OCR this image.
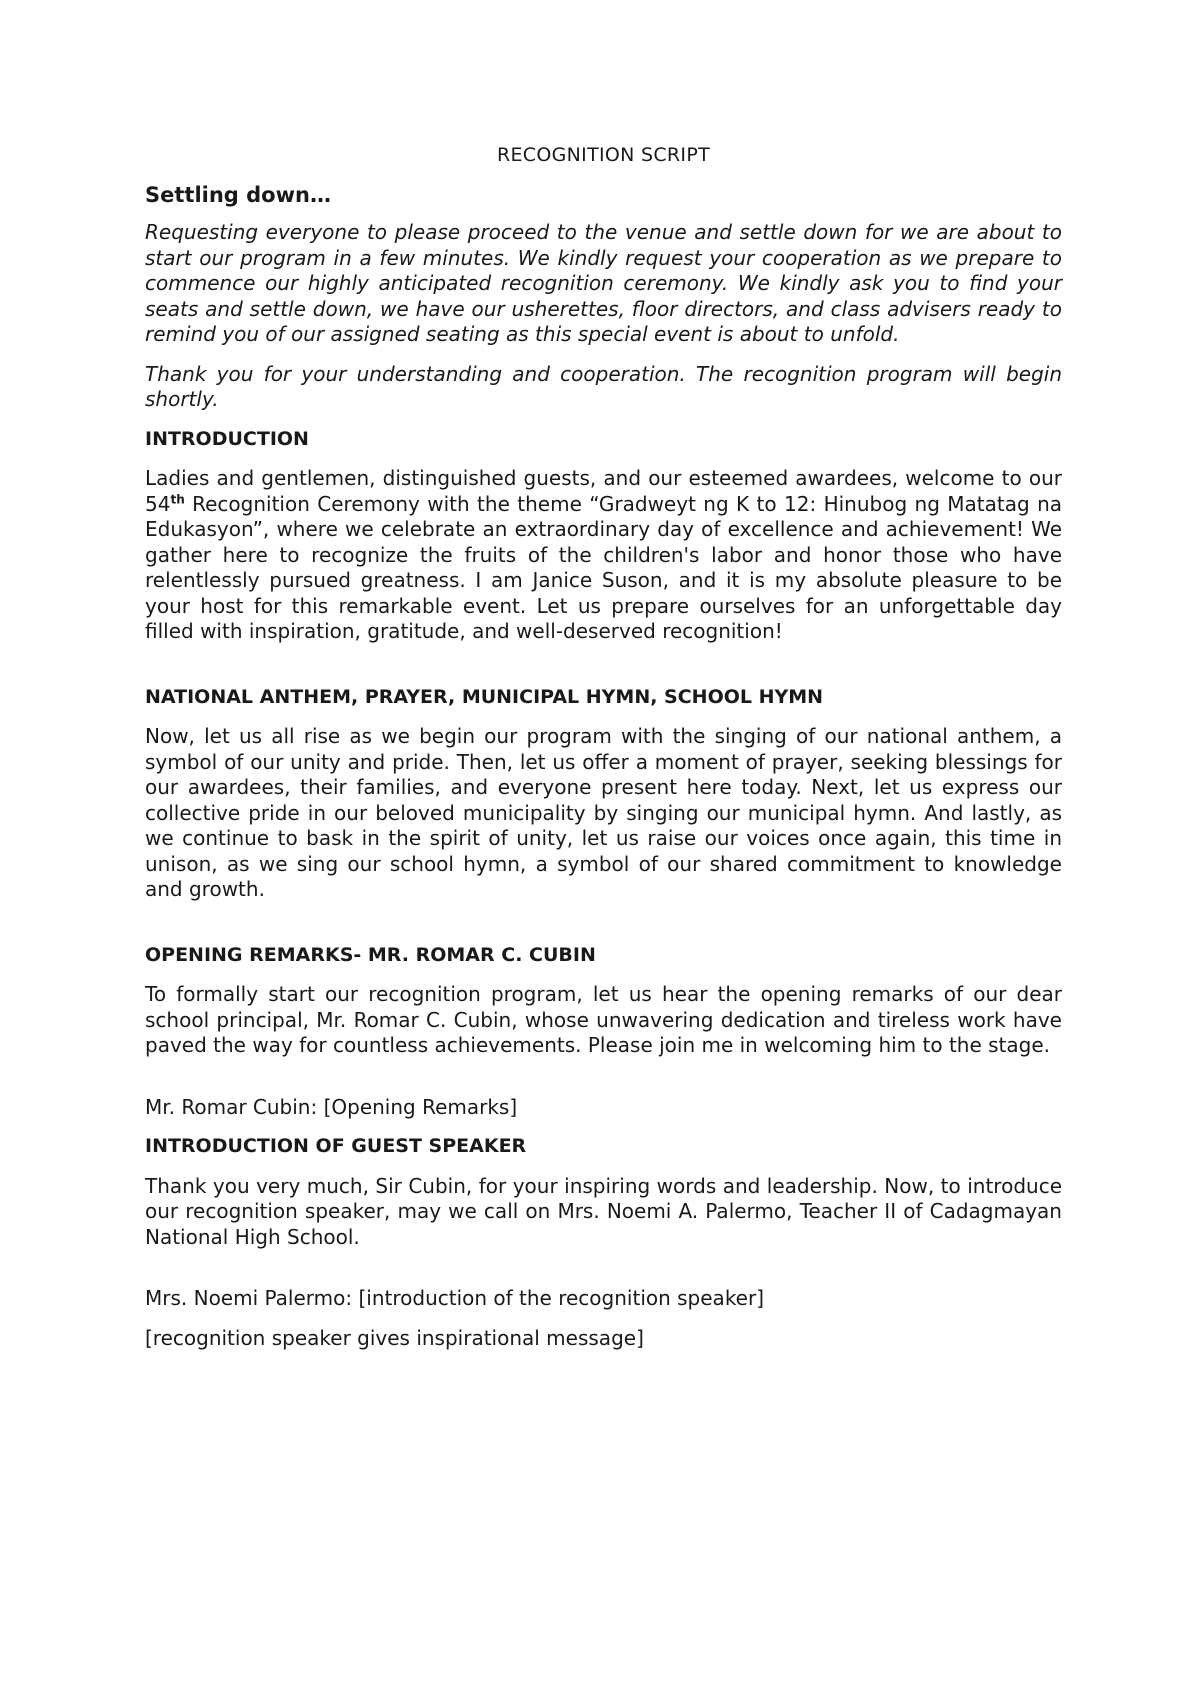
RECOGNITION SCRIPT
Settling down…

Requesting everyone to please proceed to the venue and settle down for we are about to start our program in a few minutes. We kindly request your cooperation as we prepare to commence our highly anticipated recognition ceremony. We kindly ask you to find your seats and settle down, we have our usherettes, floor directors, and class advisers ready to remind you of our assigned seating as this special event is about to unfold.

Thank you for your understanding and cooperation. The recognition program will begin shortly.

INTRODUCTION

Ladies and gentlemen, distinguished guests, and our esteemed awardees, welcome to our 54th Recognition Ceremony with the theme “Gradweyt ng K to 12: Hinubog ng Matatag na Edukasyon”, where we celebrate an extraordinary day of excellence and achievement! We gather here to recognize the fruits of the children's labor and honor those who have relentlessly pursued greatness. I am Janice Suson, and it is my absolute pleasure to be your host for this remarkable event. Let us prepare ourselves for an unforgettable day filled with inspiration, gratitude, and well-deserved recognition!

NATIONAL ANTHEM, PRAYER, MUNICIPAL HYMN, SCHOOL HYMN

Now, let us all rise as we begin our program with the singing of our national anthem, a symbol of our unity and pride. Then, let us offer a moment of prayer, seeking blessings for our awardees, their families, and everyone present here today. Next, let us express our collective pride in our beloved municipality by singing our municipal hymn. And lastly, as we continue to bask in the spirit of unity, let us raise our voices once again, this time in unison, as we sing our school hymn, a symbol of our shared commitment to knowledge and growth.

OPENING REMARKS- MR. ROMAR C. CUBIN

To formally start our recognition program, let us hear the opening remarks of our dear school principal, Mr. Romar C. Cubin, whose unwavering dedication and tireless work have paved the way for countless achievements. Please join me in welcoming him to the stage.

Mr. Romar Cubin: [Opening Remarks]

INTRODUCTION OF GUEST SPEAKER

Thank you very much, Sir Cubin, for your inspiring words and leadership. Now, to introduce our recognition speaker, may we call on Mrs. Noemi A. Palermo, Teacher II of Cadagmayan National High School.

Mrs. Noemi Palermo: [introduction of the recognition speaker]

[recognition speaker gives inspirational message]
